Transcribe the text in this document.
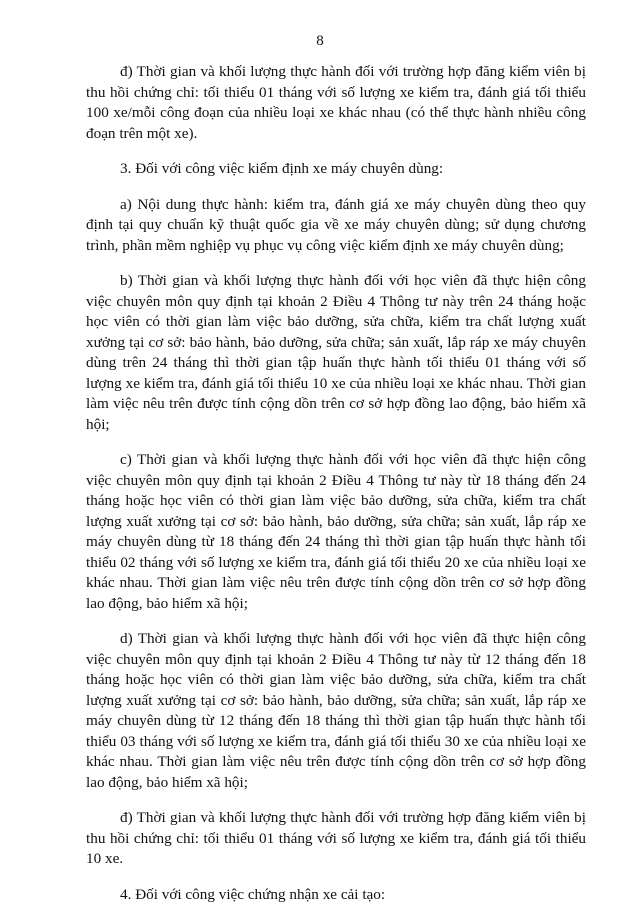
8

đ) Thời gian và khối lượng thực hành đối với trường hợp đăng kiểm viên bị thu hồi chứng chỉ: tối thiểu 01 tháng với số lượng xe kiểm tra, đánh giá tối thiểu 100 xe/mỗi công đoạn của nhiều loại xe khác nhau (có thể thực hành nhiều công đoạn trên một xe).

3. Đối với công việc kiểm định xe máy chuyên dùng:

a) Nội dung thực hành: kiểm tra, đánh giá xe máy chuyên dùng theo quy định tại quy chuẩn kỹ thuật quốc gia về xe máy chuyên dùng; sử dụng chương trình, phần mềm nghiệp vụ phục vụ công việc kiểm định xe máy chuyên dùng;

b) Thời gian và khối lượng thực hành đối với học viên đã thực hiện công việc chuyên môn quy định tại khoản 2 Điều 4 Thông tư này trên 24 tháng hoặc học viên có thời gian làm việc bảo dưỡng, sửa chữa, kiểm tra chất lượng xuất xưởng tại cơ sở: bảo hành, bảo dưỡng, sửa chữa; sản xuất, lắp ráp xe máy chuyên dùng trên 24 tháng thì thời gian tập huấn thực hành tối thiểu 01 tháng với số lượng xe kiểm tra, đánh giá tối thiểu 10 xe của nhiều loại xe khác nhau. Thời gian làm việc nêu trên được tính cộng dồn trên cơ sở hợp đồng lao động, bảo hiểm xã hội;

c) Thời gian và khối lượng thực hành đối với học viên đã thực hiện công việc chuyên môn quy định tại khoản 2 Điều 4 Thông tư này từ 18 tháng đến 24 tháng hoặc học viên có thời gian làm việc bảo dưỡng, sửa chữa, kiểm tra chất lượng xuất xưởng tại cơ sở: bảo hành, bảo dưỡng, sửa chữa; sản xuất, lắp ráp xe máy chuyên dùng từ 18 tháng đến 24 tháng thì thời gian tập huấn thực hành tối thiểu 02 tháng với số lượng xe kiểm tra, đánh giá tối thiểu 20 xe của nhiều loại xe khác nhau. Thời gian làm việc nêu trên được tính cộng dồn trên cơ sở hợp đồng lao động, bảo hiểm xã hội;

d) Thời gian và khối lượng thực hành đối với học viên đã thực hiện công việc chuyên môn quy định tại khoản 2 Điều 4 Thông tư này từ 12 tháng đến 18 tháng hoặc học viên có thời gian làm việc bảo dưỡng, sửa chữa, kiểm tra chất lượng xuất xưởng tại cơ sở: bảo hành, bảo dưỡng, sửa chữa; sản xuất, lắp ráp xe máy chuyên dùng từ 12 tháng đến 18 tháng thì thời gian tập huấn thực hành tối thiểu 03 tháng với số lượng xe kiểm tra, đánh giá tối thiểu 30 xe của nhiều loại xe khác nhau. Thời gian làm việc nêu trên được tính cộng dồn trên cơ sở hợp đồng lao động, bảo hiểm xã hội;

đ) Thời gian và khối lượng thực hành đối với trường hợp đăng kiểm viên bị thu hồi chứng chỉ: tối thiểu 01 tháng với số lượng xe kiểm tra, đánh giá tối thiểu 10 xe.

4. Đối với công việc chứng nhận xe cải tạo:
